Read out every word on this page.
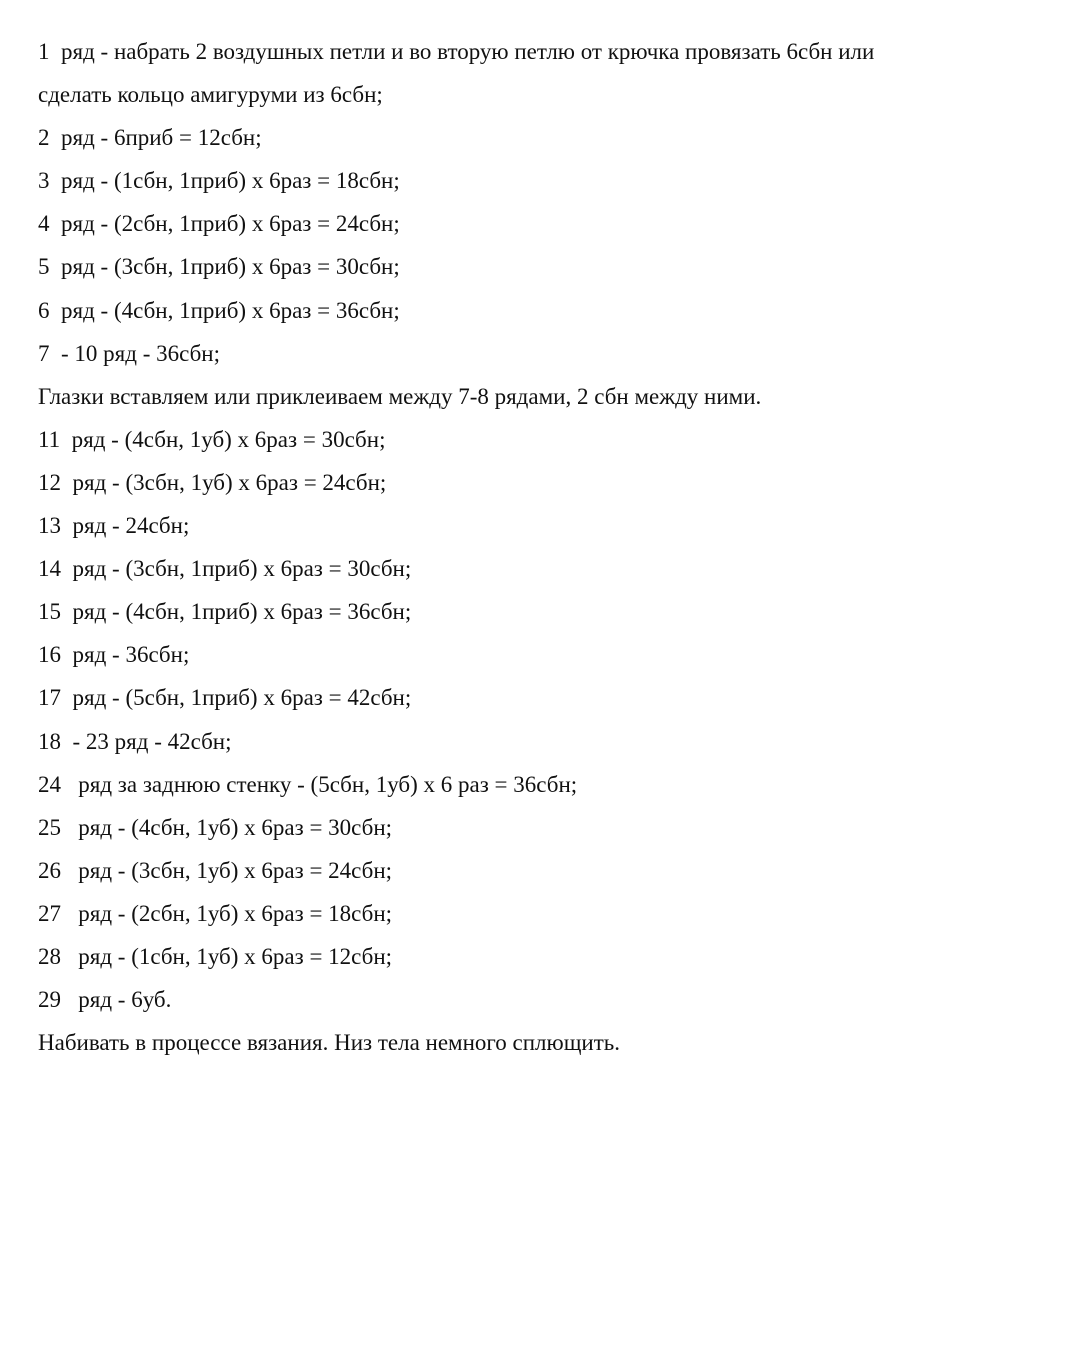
1  ряд - набрать 2 воздушных петли и во вторую петлю от крючка провязать 6сбн или
сделать кольцо амигуруми из 6сбн;
2  ряд - 6приб = 12сбн;
3  ряд - (1сбн, 1приб) х 6раз = 18сбн;
4  ряд - (2сбн, 1приб) х 6раз = 24сбн;
5  ряд - (3сбн, 1приб) х 6раз = 30сбн;
6  ряд - (4сбн, 1приб) х 6раз = 36сбн;
7  - 10 ряд - 36сбн;
Глазки вставляем или приклеиваем между 7-8 рядами, 2 сбн между ними.
11  ряд - (4сбн, 1уб) х 6раз = 30сбн;
12  ряд - (3сбн, 1уб) х 6раз = 24сбн;
13  ряд - 24сбн;
14  ряд - (3сбн, 1приб) х 6раз = 30сбн;
15  ряд - (4сбн, 1приб) х 6раз = 36сбн;
16  ряд - 36сбн;
17  ряд - (5сбн, 1приб) х 6раз = 42сбн;
18  - 23 ряд - 42сбн;
24   ряд за заднюю стенку - (5сбн, 1уб) х 6 раз = 36сбн;
25   ряд - (4сбн, 1уб) х 6раз = 30сбн;
26   ряд - (3сбн, 1уб) х 6раз = 24сбн;
27   ряд - (2сбн, 1уб) х 6раз = 18сбн;
28   ряд - (1сбн, 1уб) х 6раз = 12сбн;
29   ряд - 6уб.
Набивать в процессе вязания. Низ тела немного сплющить.
